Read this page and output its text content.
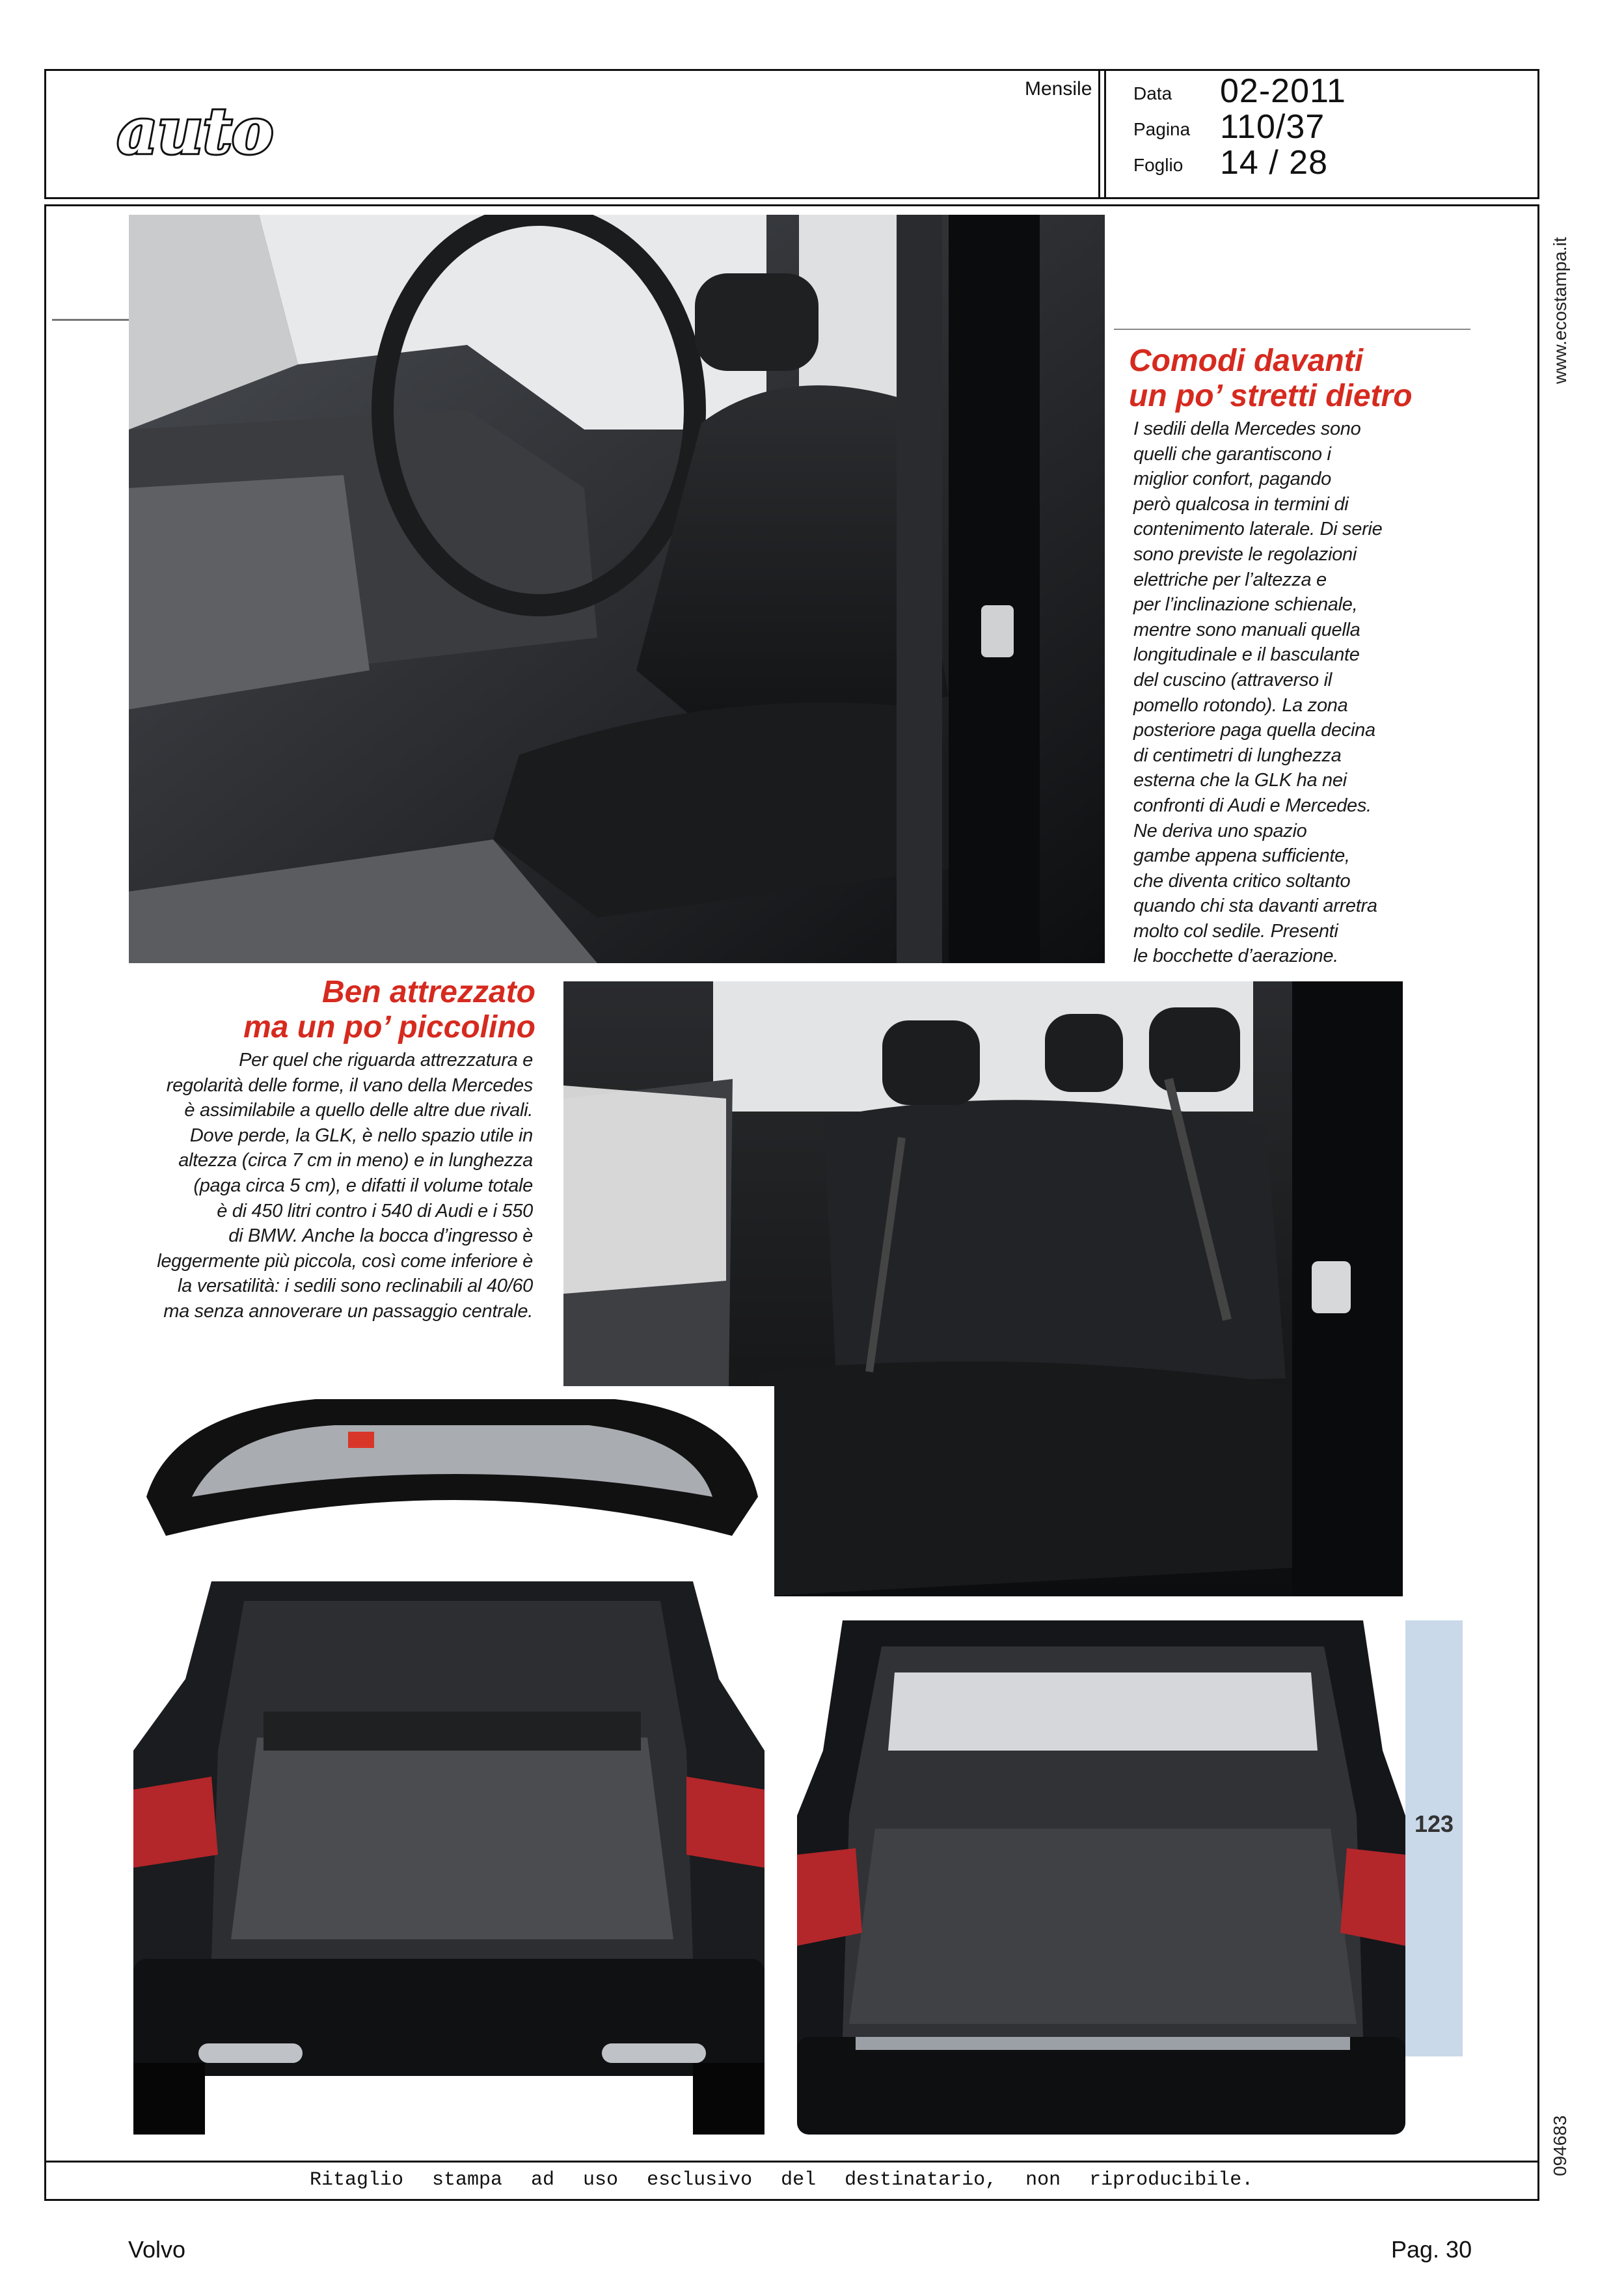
auto
Mensile Data 02-2011
Pagina 110/37
Foglio 14 / 28
Comodi davanti
un po’ stretti dietro
I sedili della Mercedes sono
quelli che garantiscono i
miglior confort, pagando
però qualcosa in termini di
contenimento laterale. Di serie
sono previste le regolazioni
elettriche per l’altezza e
per l’inclinazione schienale,
mentre sono manuali quella
longitudinale e il basculante
del cuscino (attraverso il
pomello rotondo). La zona
posteriore paga quella decina
di centimetri di lunghezza
esterna che la GLK ha nei
confronti di Audi e Mercedes.
Ne deriva uno spazio
gambe appena sufficiente,
che diventa critico soltanto
quando chi sta davanti arretra
molto col sedile. Presenti
le bocchette d’aerazione.
Ben attrezzato
ma un po’ piccolino
Per quel che riguarda attrezzatura e
regolarità delle forme, il vano della Mercedes
è assimilabile a quello delle altre due rivali.
Dove perde, la GLK, è nello spazio utile in
altezza (circa 7 cm in meno) e in lunghezza
(paga circa 5 cm), e difatti il volume totale
è di 450 litri contro i 540 di Audi e i 550
di BMW. Anche la bocca d’ingresso è
leggermente più piccola, così come inferiore è
la versatilità: i sedili sono reclinabili al 40/60
ma senza annoverare un passaggio centrale.
123
www.ecostampa.it
094683
Ritaglio stampa ad uso esclusivo del destinatario, non riproducibile.
Volvo	Pag. 30
